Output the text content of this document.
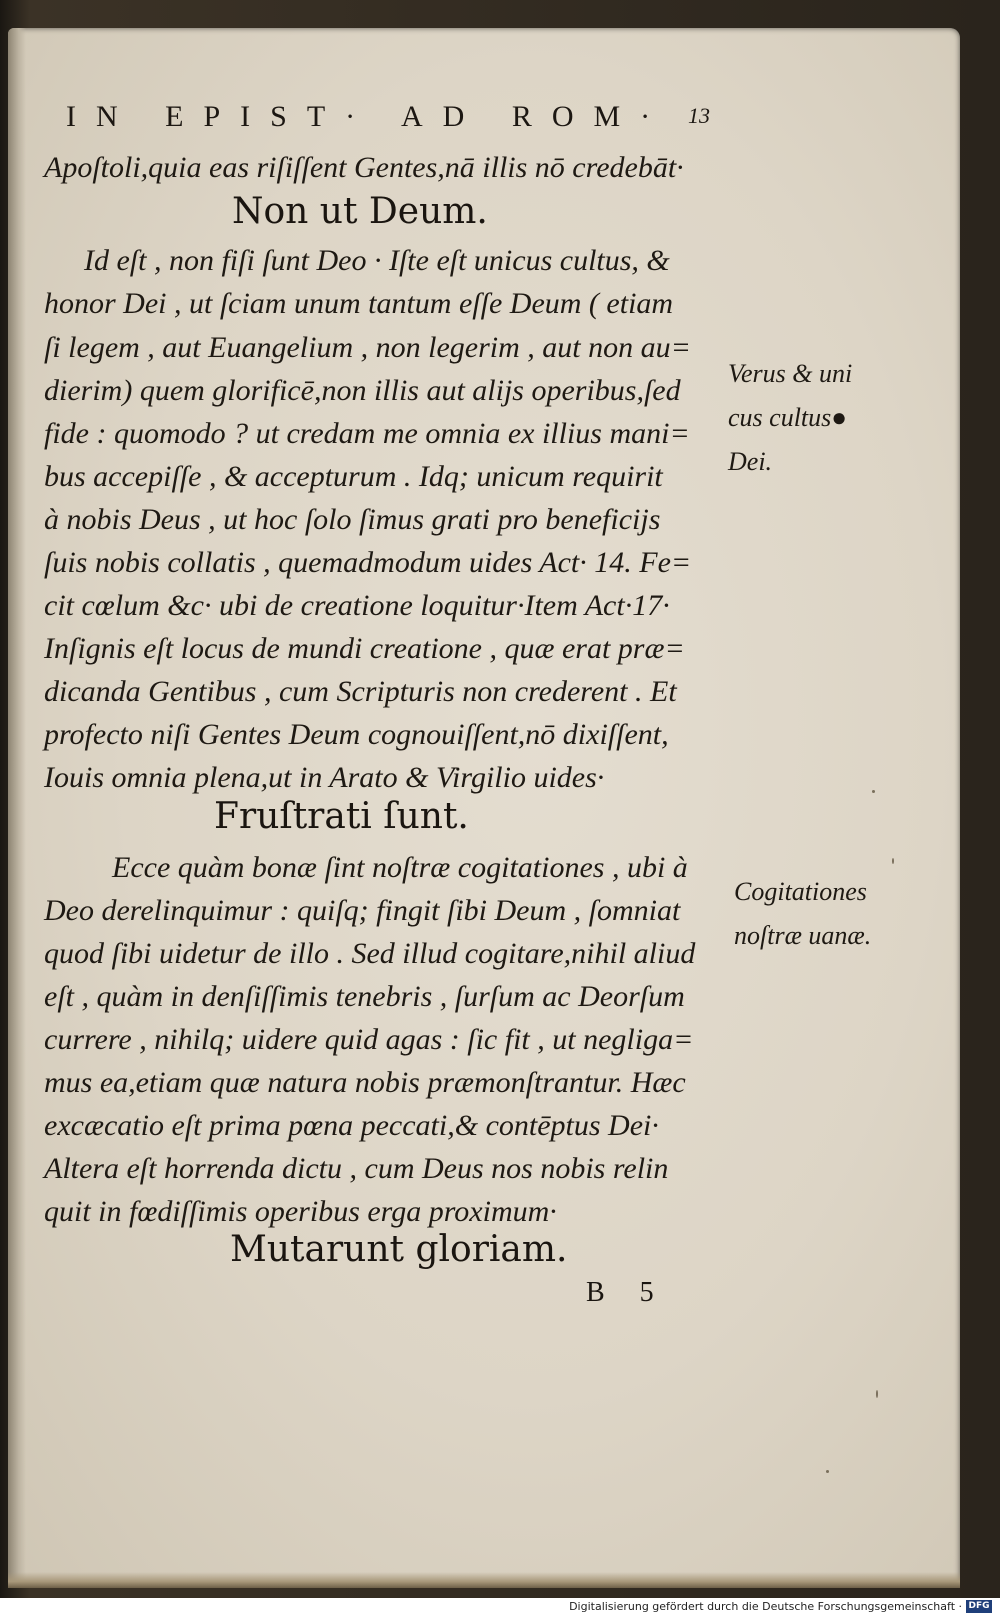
IN EPIST· AD ROM· 13
Apoſtoli,quia eas riſiſſent Gentes,nā illis nō credebāt·
Non ut Deum.
Id eſt , non fiſi ſunt Deo · Iſte eſt unicus cultus, &
honor Dei , ut ſciam unum tantum eſſe Deum ( etiam
ſi legem , aut Euangelium , non legerim , aut non au=
dierim) quem glorificē,non illis aut alijs operibus,ſed
fide : quomodo ? ut credam me omnia ex illius mani=
bus accepiſſe , & accepturum . Idq; unicum requirit
à nobis Deus , ut hoc ſolo ſimus grati pro beneficijs
ſuis nobis collatis , quemadmodum uides Act· 14. Fe=
cit cœlum &c· ubi de creatione loquitur·Item Act·17·
Inſignis eſt locus de mundi creatione , quæ erat præ=
dicanda Gentibus , cum Scripturis non crederent . Et
profecto niſi Gentes Deum cognouiſſent,nō dixiſſent,
Iouis omnia plena,ut in Arato & Virgilio uides·
Fruſtrati ſunt.
Ecce quàm bonæ ſint noſtræ cogitationes , ubi à
Deo derelinquimur : quiſq; fingit ſibi Deum , ſomniat
quod ſibi uidetur de illo . Sed illud cogitare,nihil aliud
eſt , quàm in denſiſſimis tenebris , ſurſum ac Deorſum
currere , nihilq; uidere quid agas : ſic fit , ut negliga=
mus ea,etiam quæ natura nobis præmonſtrantur. Hæc
excæcatio eſt prima pœna peccati,& contēptus Dei·
Altera eſt horrenda dictu , cum Deus nos nobis relin
quit in fœdiſſimis operibus erga proximum·
Mutarunt gloriam.
Verus & uni
cus cultus●
Dei.
Cogitationes
noſtræ uanæ.
B 5
Digitalisierung gefördert durch die Deutsche Forschungsgemeinschaft · DFG
